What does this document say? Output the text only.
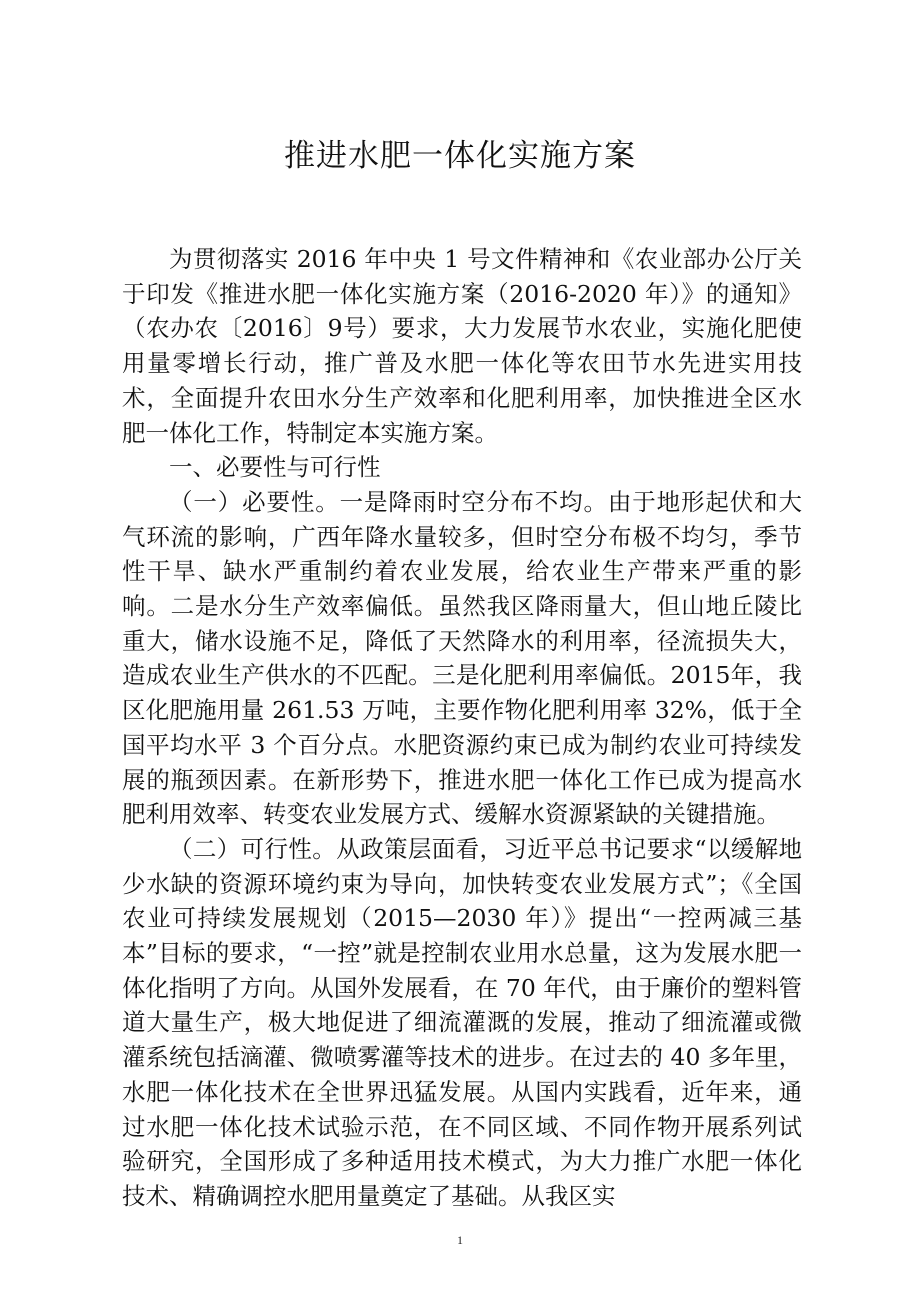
推进水肥一体化实施方案

为贯彻落实 2016 年中央 1 号文件精神和《农业部办公厅关于印发《推进水肥一体化实施方案（2016-2020 年）》的通知》（农办农〔2016〕9号）要求，大力发展节水农业，实施化肥使用量零增长行动，推广普及水肥一体化等农田节水先进实用技术，全面提升农田水分生产效率和化肥利用率，加快推进全区水肥一体化工作，特制定本实施方案。

一、必要性与可行性

（一）必要性。一是降雨时空分布不均。由于地形起伏和大气环流的影响，广西年降水量较多，但时空分布极不均匀，季节性干旱、缺水严重制约着农业发展，给农业生产带来严重的影响。二是水分生产效率偏低。虽然我区降雨量大，但山地丘陵比重大，储水设施不足，降低了天然降水的利用率，径流损失大，造成农业生产供水的不匹配。三是化肥利用率偏低。2015年，我区化肥施用量 261.53 万吨，主要作物化肥利用率 32%，低于全国平均水平 3 个百分点。水肥资源约束已成为制约农业可持续发展的瓶颈因素。在新形势下，推进水肥一体化工作已成为提高水肥利用效率、转变农业发展方式、缓解水资源紧缺的关键措施。

（二）可行性。从政策层面看，习近平总书记要求“以缓解地少水缺的资源环境约束为导向，加快转变农业发展方式”；《全国农业可持续发展规划（2015—2030 年）》提出“一控两减三基本”目标的要求，“一控”就是控制农业用水总量，这为发展水肥一体化指明了方向。从国外发展看，在 70 年代，由于廉价的塑料管道大量生产，极大地促进了细流灌溉的发展，推动了细流灌或微灌系统包括滴灌、微喷雾灌等技术的进步。在过去的 40 多年里，水肥一体化技术在全世界迅猛发展。从国内实践看，近年来，通过水肥一体化技术试验示范，在不同区域、不同作物开展系列试验研究，全国形成了多种适用技术模式，为大力推广水肥一体化技术、精确调控水肥用量奠定了基础。从我区实

1
